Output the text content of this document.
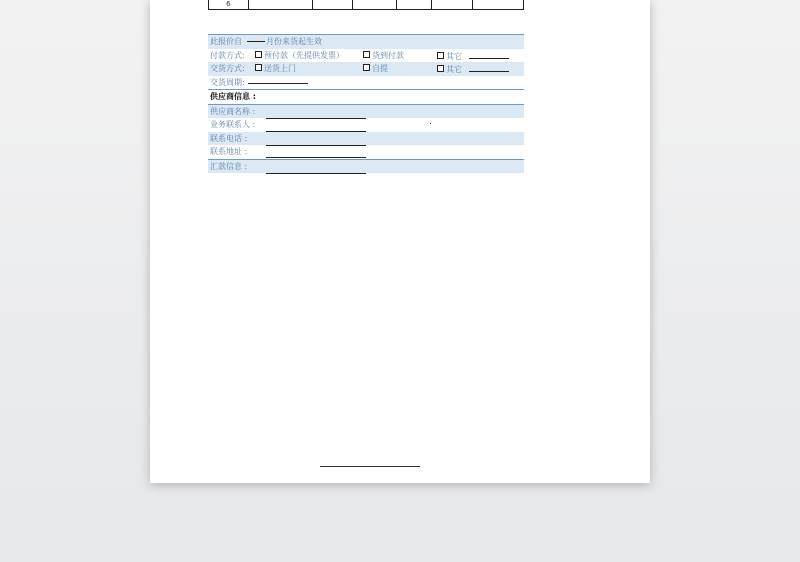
6
此报价自	月份来货起生效
付款方式:	预付款（先提供发票）	货到付款	其它
交货方式:	送货上门	自提	其它
交货周期:
供应商信息 :
供应商名称 :
业务联系人 :
联系电话 :
联系地址 :
汇款信息 :
